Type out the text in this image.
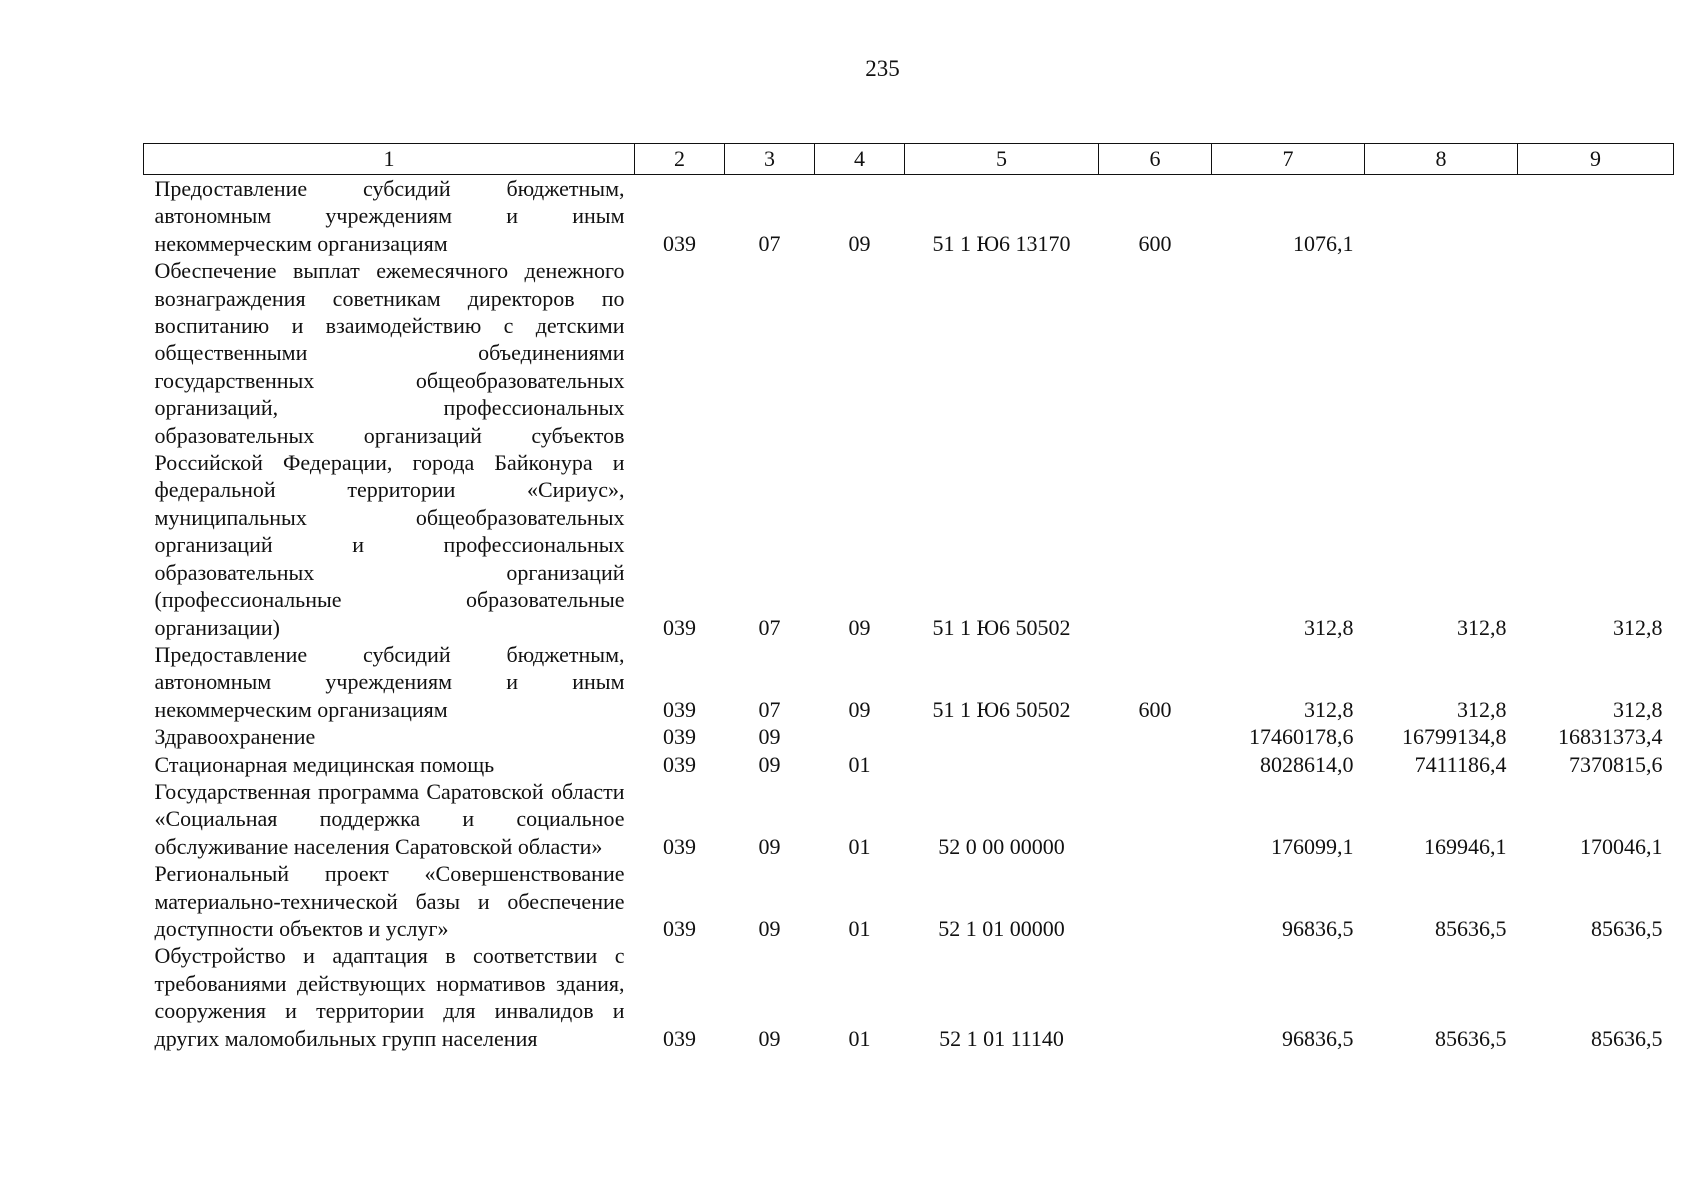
235
1	2	3	4	5	6	7	8	9
Предоставление субсидий бюджетным, автономным учреждениям и иным некоммерческим организациям	039	07	09	51 1 Ю6 13170	600	1076,1		
Обеспечение выплат ежемесячного денежного вознаграждения советникам директоров по воспитанию и взаимодействию с детскими общественными объединениями государственных общеобразовательных организаций, профессиональных образовательных организаций субъектов Российской Федерации, города Байконура и федеральной территории «Сириус», муниципальных общеобразовательных организаций и профессиональных образовательных организаций (профессиональные образовательные организации)	039	07	09	51 1 Ю6 50502		312,8	312,8	312,8
Предоставление субсидий бюджетным, автономным учреждениям и иным некоммерческим организациям	039	07	09	51 1 Ю6 50502	600	312,8	312,8	312,8
Здравоохранение	039	09				17460178,6	16799134,8	16831373,4
Стационарная медицинская помощь	039	09	01			8028614,0	7411186,4	7370815,6
Государственная программа Саратовской области «Социальная поддержка и социальное обслуживание населения Саратовской области»	039	09	01	52 0 00 00000		176099,1	169946,1	170046,1
Региональный проект «Совершенствование материально-технической базы и обеспечение доступности объектов и услуг»	039	09	01	52 1 01 00000		96836,5	85636,5	85636,5
Обустройство и адаптация в соответствии с требованиями действующих нормативов здания, сооружения и территории для инвалидов и других маломобильных групп населения	039	09	01	52 1 01 11140		96836,5	85636,5	85636,5
